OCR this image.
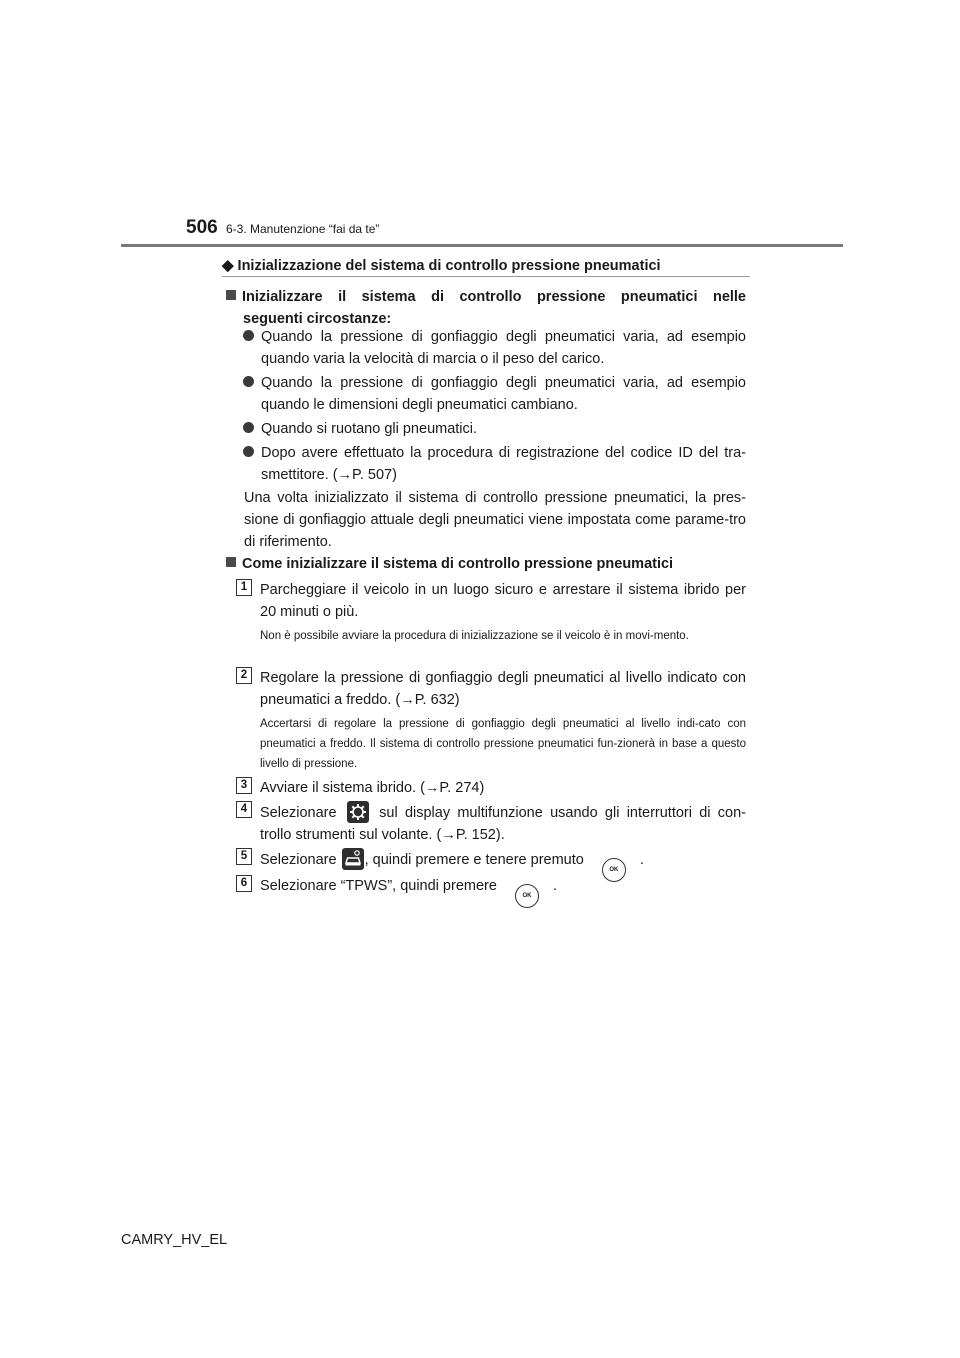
506 6-3. Manutenzione “fai da te”
◆ Inizializzazione del sistema di controllo pressione pneumatici
Inizializzare il sistema di controllo pressione pneumatici nelle
seguenti circostanze:
Quando la pressione di gonfiaggio degli pneumatici varia, ad esempio quando varia la velocità di marcia o il peso del carico.
Quando la pressione di gonfiaggio degli pneumatici varia, ad esempio quando le dimensioni degli pneumatici cambiano.
Quando si ruotano gli pneumatici.
Dopo avere effettuato la procedura di registrazione del codice ID del tra-smettitore. (→P. 507)
Una volta inizializzato il sistema di controllo pressione pneumatici, la pres-sione di gonfiaggio attuale degli pneumatici viene impostata come parame-tro di riferimento.
Come inizializzare il sistema di controllo pressione pneumatici
1 Parcheggiare il veicolo in un luogo sicuro e arrestare il sistema ibrido per 20 minuti o più.
Non è possibile avviare la procedura di inizializzazione se il veicolo è in movi-mento.
2 Regolare la pressione di gonfiaggio degli pneumatici al livello indicato con pneumatici a freddo. (→P. 632)
Accertarsi di regolare la pressione di gonfiaggio degli pneumatici al livello indi-cato con pneumatici a freddo. Il sistema di controllo pressione pneumatici fun-zionerà in base a questo livello di pressione.
3 Avviare il sistema ibrido. (→P. 274)
4 Selezionare	sul display multifunzione usando gli interruttori di con-trollo strumenti sul volante. (→P. 152).
5 Selezionare , quindi premere e tenere premuto OK.
6 Selezionare “TPWS”, quindi premere OK.
CAMRY_HV_EL
